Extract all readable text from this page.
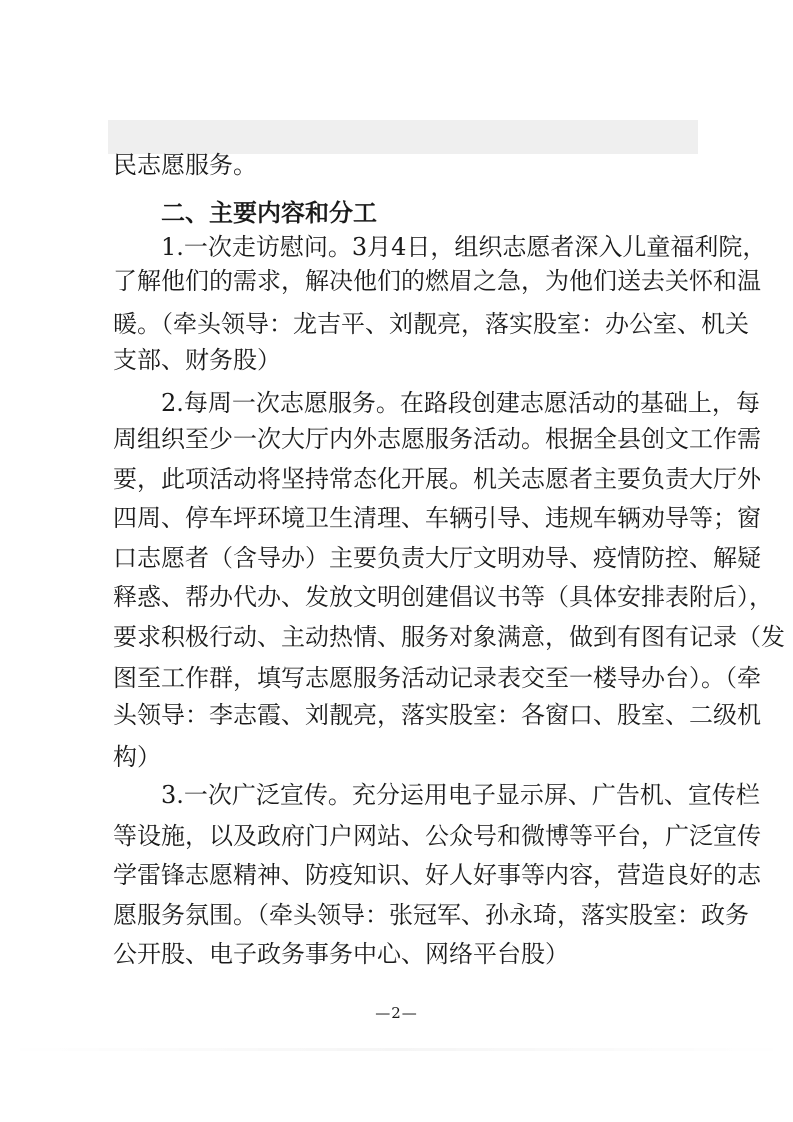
民志愿服务。
二、主要内容和分工
1.一次走访慰问。3月4日，组织志愿者深入儿童福利院，
了解他们的需求，解决他们的燃眉之急，为他们送去关怀和温
暖。（牵头领导：龙吉平、刘靓亮，落实股室：办公室、机关
支部、财务股）
2.每周一次志愿服务。在路段创建志愿活动的基础上，每
周组织至少一次大厅内外志愿服务活动。根据全县创文工作需
要，此项活动将坚持常态化开展。机关志愿者主要负责大厅外
四周、停车坪环境卫生清理、车辆引导、违规车辆劝导等；窗
口志愿者（含导办）主要负责大厅文明劝导、疫情防控、解疑
释惑、帮办代办、发放文明创建倡议书等（具体安排表附后），
要求积极行动、主动热情、服务对象满意，做到有图有记录（发
图至工作群，填写志愿服务活动记录表交至一楼导办台）。（牵
头领导：李志霞、刘靓亮，落实股室：各窗口、股室、二级机
构）
3.一次广泛宣传。充分运用电子显示屏、广告机、宣传栏
等设施，以及政府门户网站、公众号和微博等平台，广泛宣传
学雷锋志愿精神、防疫知识、好人好事等内容，营造良好的志
愿服务氛围。（牵头领导：张冠军、孙永琦，落实股室：政务
公开股、电子政务事务中心、网络平台股）
—2—
